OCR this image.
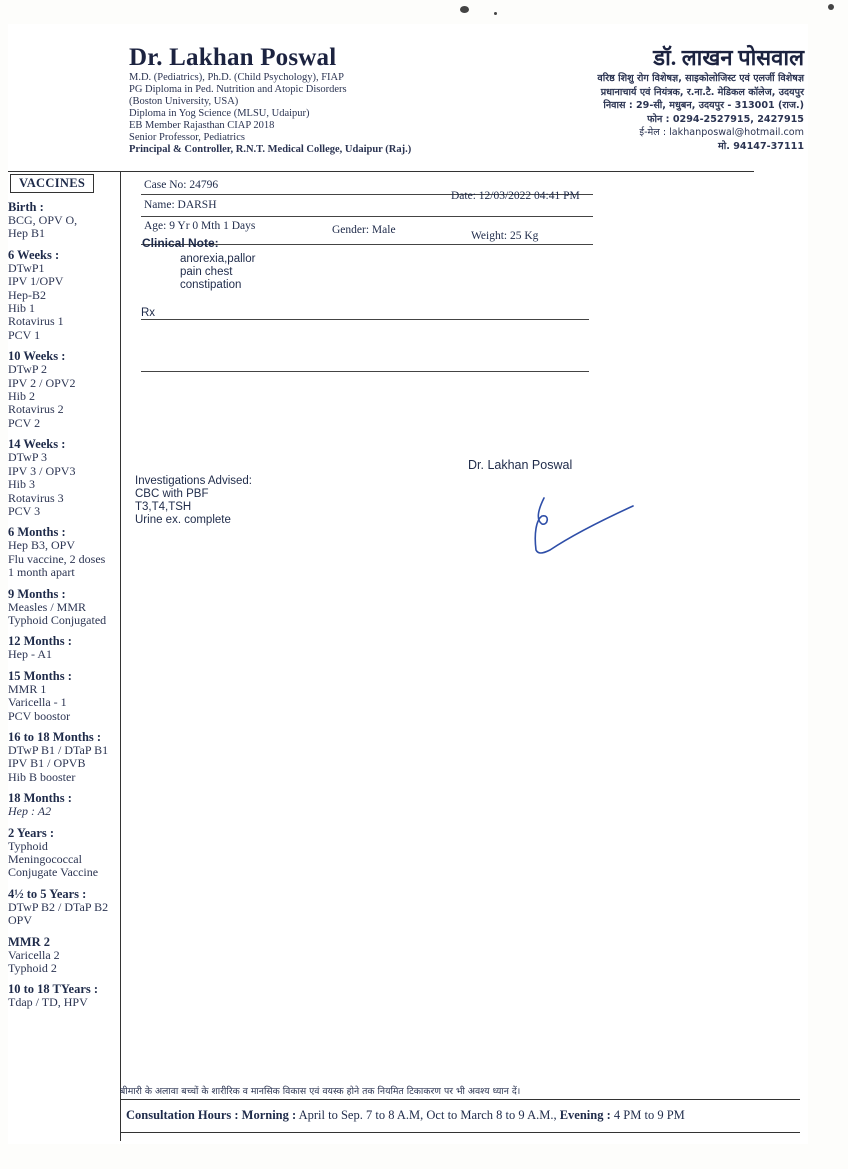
Dr. Lakhan Poswal
M.D. (Pediatrics), Ph.D. (Child Psychology), FIAP
PG Diploma in Ped. Nutrition and Atopic Disorders
(Boston University, USA)
Diploma in Yog Science (MLSU, Udaipur)
EB Member Rajasthan CIAP 2018
Senior Professor, Pediatrics
Principal & Controller, R.N.T. Medical College, Udaipur (Raj.)
डॉ. लाखन पोसवाल
वरिष्ठ शिशु रोग विशेषज्ञ, साइकोलोजिस्ट एवं एलर्जी विशेषज्ञ
प्रधानाचार्य एवं नियंत्रक, र.ना.टै. मेडिकल कॉलेज, उदयपुर
निवास : 29-सी, मधुबन, उदयपुर - 313001 (राज.)
फोन : 0294-2527915, 2427915
ई-मेल : lakhanposwal@hotmail.com
मो. 94147-37111
VACCINES
Birth :
BCG, OPV O,
Hep B1
6 Weeks :
DTwP1
IPV 1/OPV
Hep-B2
Hib 1
Rotavirus 1
PCV 1
10 Weeks :
DTwP 2
IPV 2 / OPV2
Hib 2
Rotavirus 2
PCV 2
14 Weeks :
DTwP 3
IPV 3 / OPV3
Hib 3
Rotavirus 3
PCV 3
6 Months :
Hep B3, OPV
Flu vaccine, 2 doses
1 month apart
9 Months :
Measles / MMR
Typhoid Conjugated
12 Months :
Hep - A1
15 Months :
MMR 1
Varicella - 1
PCV boostor
16 to 18 Months :
DTwP B1 / DTaP B1
IPV B1 / OPVB
Hib B booster
18 Months :
Hep : A2
2 Years :
Typhoid
Meningococcal
Conjugate Vaccine
4½ to 5 Years :
DTwP B2 / DTaP B2
OPV
MMR 2
Varicella 2
Typhoid 2
10 to 18 TYears :
Tdap / TD, HPV
Case No: 24796
Date: 12/03/2022 04:41 PM
Name: DARSH
Age: 9 Yr 0 Mth 1 Days	Gender: Male	Weight: 25 Kg
Clinical Note:
anorexia,pallor
pain chest
constipation
Rx
Dr. Lakhan Poswal
Investigations Advised:
CBC with PBF
T3,T4,TSH
Urine ex. complete
बीमारी के अलावा बच्चों के शारीरिक व मानसिक विकास एवं वयस्क होने तक नियमित टिकाकरण पर भी अवश्य ध्यान दें।
Consultation Hours : Morning : April to Sep. 7 to 8 A.M, Oct to March 8 to 9 A.M., Evening : 4 PM to 9 PM
